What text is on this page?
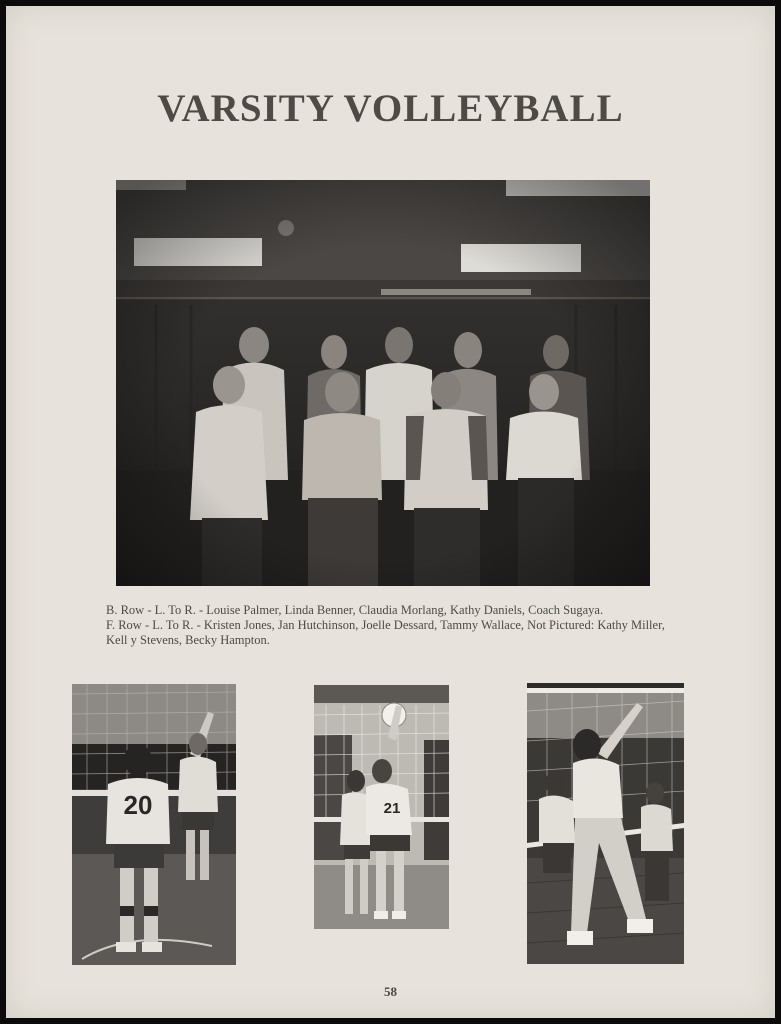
VARSITY VOLLEYBALL

B. Row - L. To R. - Louise Palmer, Linda Benner, Claudia Morlang, Kathy Daniels, Coach Sugaya.

F. Row - L. To R. - Kristen Jones, Jan Hutchinson, Joelle Dessard, Tammy Wallace, Not Pictured: Kathy Miller, Kell y Stevens, Becky Hampton.

20	21
58
